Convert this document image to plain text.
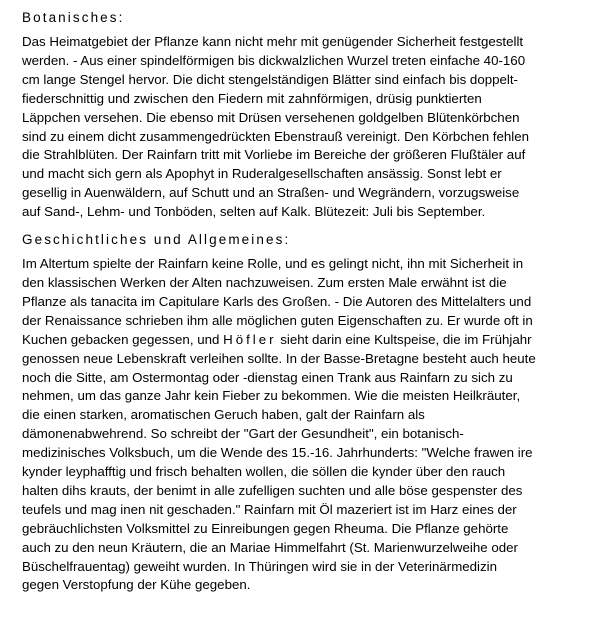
Botanisches:

Das Heimatgebiet der Pflanze kann nicht mehr mit genügender Sicherheit festgestellt
werden. - Aus einer spindelförmigen bis dickwalzlichen Wurzel treten einfache 40-160
cm lange Stengel hervor. Die dicht stengelständigen Blätter sind einfach bis doppelt-
fiederschnittig und zwischen den Fiedern mit zahnförmigen, drüsig punktierten
Läppchen versehen. Die ebenso mit Drüsen versehenen goldgelben Blütenkörbchen
sind zu einem dicht zusammengedrückten Ebenstrauß vereinigt. Den Körbchen fehlen
die Strahlblüten. Der Rainfarn tritt mit Vorliebe im Bereiche der größeren Flußtäler auf
und macht sich gern als Apophyt in Ruderalgesellschaften ansässig. Sonst lebt er
gesellig in Auenwäldern, auf Schutt und an Straßen- und Wegrändern, vorzugsweise
auf Sand-, Lehm- und Tonböden, selten auf Kalk. Blütezeit: Juli bis September.

Geschichtliches und Allgemeines:

Im Altertum spielte der Rainfarn keine Rolle, und es gelingt nicht, ihn mit Sicherheit in
den klassischen Werken der Alten nachzuweisen. Zum ersten Male erwähnt ist die
Pflanze als tanacita im Capitulare Karls des Großen. - Die Autoren des Mittelalters und
der Renaissance schrieben ihm alle möglichen guten Eigenschaften zu. Er wurde oft in
Kuchen gebacken gegessen, und Höfler sieht darin eine Kultspeise, die im Frühjahr
genossen neue Lebenskraft verleihen sollte. In der Basse-Bretagne besteht auch heute
noch die Sitte, am Ostermontag oder -dienstag einen Trank aus Rainfarn zu sich zu
nehmen, um das ganze Jahr kein Fieber zu bekommen. Wie die meisten Heilkräuter,
die einen starken, aromatischen Geruch haben, galt der Rainfarn als
dämonenabwehrend. So schreibt der "Gart der Gesundheit", ein botanisch-
medizinisches Volksbuch, um die Wende des 15.-16. Jahrhunderts: "Welche frawen ire
kynder leyphafftig und frisch behalten wollen, die söllen die kynder über den rauch
halten dihs krauts, der benimt in alle zufelligen suchten und alle böse gespenster des
teufels und mag inen nit geschaden." Rainfarn mit Öl mazeriert ist im Harz eines der
gebräuchlichsten Volksmittel zu Einreibungen gegen Rheuma. Die Pflanze gehörte
auch zu den neun Kräutern, die an Mariae Himmelfahrt (St. Marienwurzelweihe oder
Büschelfrauentag) geweiht wurden. In Thüringen wird sie in der Veterinärmedizin
gegen Verstopfung der Kühe gegeben.
